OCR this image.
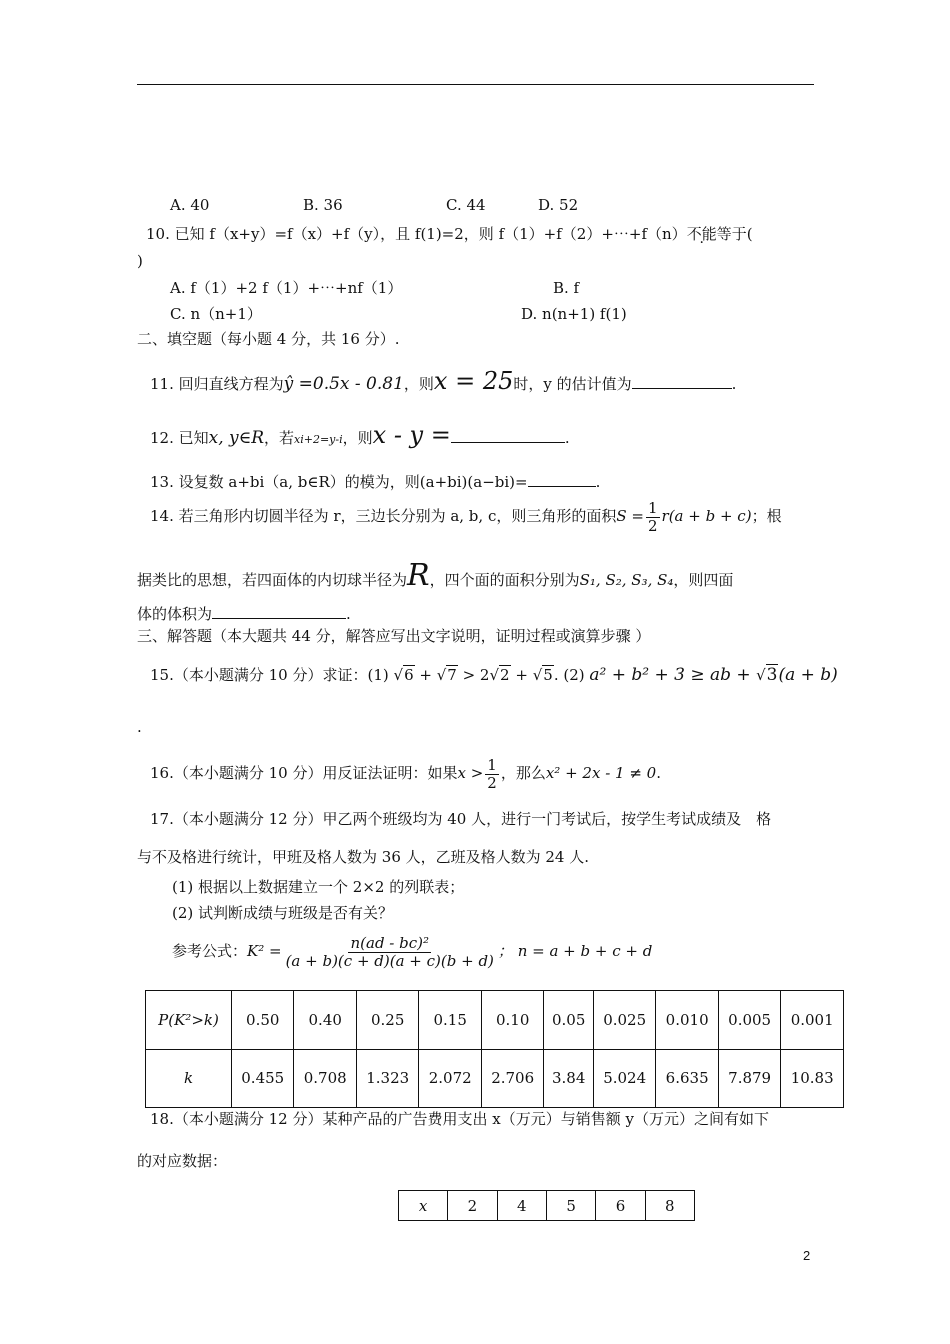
A. 40	B. 36	C. 44	D. 52
10. 已知 f（x+y）=f（x）+f（y），且 f(1)=2，则 f（1）+f（2）+⋯+f（n）不能等于(
)
A. f（1）+2 f（1）+⋯+nf（1）	B. f
C. n（n+1）	D. n(n+1) f(1)
二、填空题（每小题 4 分，共 16 分）.
11. 回归直线方程为ŷ =0.5x - 0.81，则x = 25时，y 的估计值为	.
12. 已知x, y∈R，若xi+2=y-i，则x - y =	.
13. 设复数 a+bi（a, b∈R）的模为，则(a+bi)(a−bi)=	.
14. 若三角形内切圆半径为 r，三边长分别为 a, b, c，则三角形的面积$S = \frac{1}{2} r(a + b + c)$；根
据类比的思想，若四面体的内切球半径为R，四个面的面积分别为S₁, S₂, S₃, S₄，则四面
体的体积为	.
三、解答题（本大题共 44 分，解答应写出文字说明，证明过程或演算步骤 ）
15.（本小题满分 10 分）求证：(1) √6 + √7 > 2√2 + √5. (2) a² + b² + 3 ≥ ab + √3(a + b)
.
16.（本小题满分 10 分）用反证法证明：如果$x > \frac{1}{2}$ ，那么x² + 2x - 1 ≠ 0.
17.（本小题满分 12 分）甲乙两个班级均为 40 人，进行一门考试后，按学生考试成绩及　格
与不及格进行统计，甲班及格人数为 36 人，乙班及格人数为 24 人.
(1) 根据以上数据建立一个 2×2 的列联表；
(2) 试判断成绩与班级是否有关？
参考公式：$K^2 = \frac{\text{n(ad - bc)²}}{(a + b)(c + d)(a + c)(b + d)}$ ； n = a + b + c + d
P(K²>k)	0.50	0.40	0.25	0.15	0.10	0.05	0.025	0.010	0.005	0.001
k	0.455	0.708	1.323	2.072	2.706	3.84	5.024	6.635	7.879	10.83
18.（本小题满分 12 分）某种产品的广告费用支出 x（万元）与销售额 y（万元）之间有如下
的对应数据：
x	2	4	5	6	8
2
